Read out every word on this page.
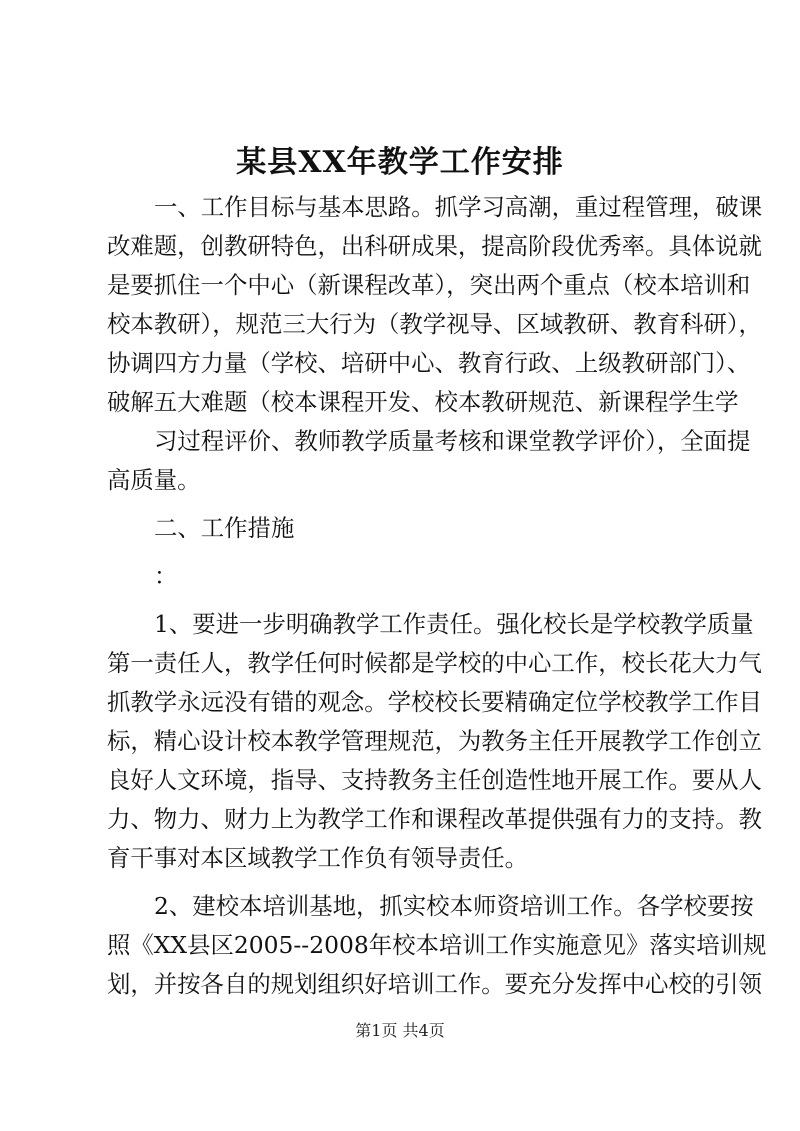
某县XX年教学工作安排
一、工作目标与基本思路。抓学习高潮，重过程管理，破课
改难题，创教研特色，出科研成果，提高阶段优秀率。具体说就
是要抓住一个中心（新课程改革），突出两个重点（校本培训和
校本教研），规范三大行为（教学视导、区域教研、教育科研），
协调四方力量（学校、培研中心、教育行政、上级教研部门）、
破解五大难题（校本课程开发、校本教研规范、新课程学生学
习过程评价、教师教学质量考核和课堂教学评价），全面提
高质量。
二、工作措施
：
1、要进一步明确教学工作责任。强化校长是学校教学质量
第一责任人，教学任何时候都是学校的中心工作，校长花大力气
抓教学永远没有错的观念。学校校长要精确定位学校教学工作目
标，精心设计校本教学管理规范，为教务主任开展教学工作创立
良好人文环境，指导、支持教务主任创造性地开展工作。要从人
力、物力、财力上为教学工作和课程改革提供强有力的支持。教
育干事对本区域教学工作负有领导责任。
2、建校本培训基地，抓实校本师资培训工作。各学校要按
照《XX县区2005--2008年校本培训工作实施意见》落实培训规
划，并按各自的规划组织好培训工作。要充分发挥中心校的引领
第1页 共4页
